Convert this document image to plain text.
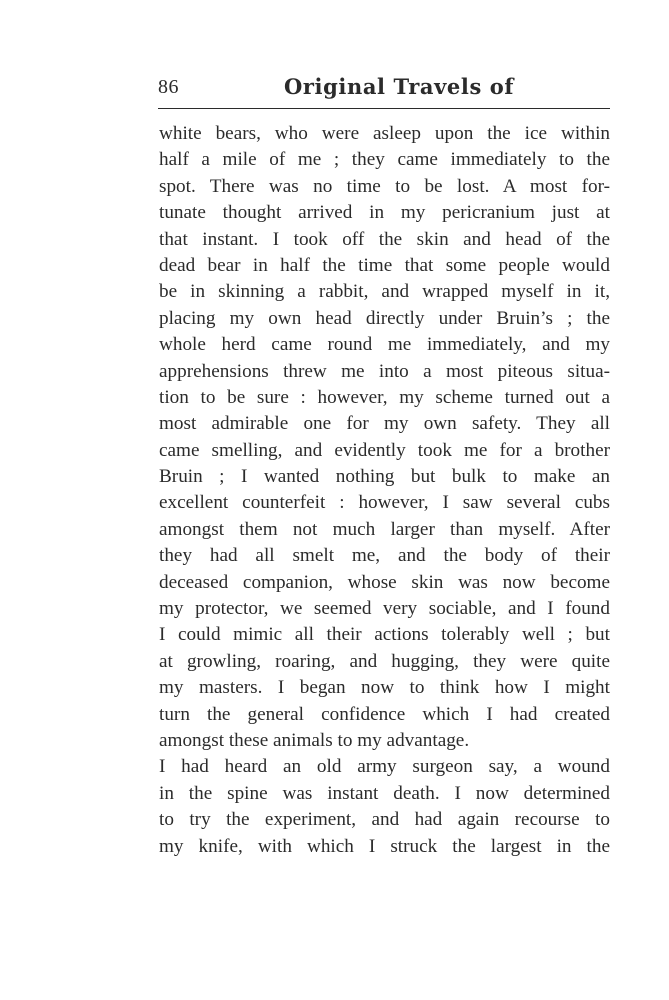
86	Original Travels of
white bears, who were asleep upon the ice within
half a mile of me ; they came immediately to the
spot. There was no time to be lost. A most for-
tunate thought arrived in my pericranium just at
that instant. I took off the skin and head of the
dead bear in half the time that some people would
be in skinning a rabbit, and wrapped myself in it,
placing my own head directly under Bruin’s ; the
whole herd came round me immediately, and my
apprehensions threw me into a most piteous situa-
tion to be sure : however, my scheme turned out a
most admirable one for my own safety. They all
came smelling, and evidently took me for a brother
Bruin ; I wanted nothing but bulk to make an
excellent counterfeit : however, I saw several cubs
amongst them not much larger than myself. After
they had all smelt me, and the body of their
deceased companion, whose skin was now become
my protector, we seemed very sociable, and I found
I could mimic all their actions tolerably well ; but
at growling, roaring, and hugging, they were quite
my masters. I began now to think how I might
turn the general confidence which I had created
amongst these animals to my advantage.
I had heard an old army surgeon say, a wound
in the spine was instant death. I now determined
to try the experiment, and had again recourse to
my knife, with which I struck the largest in the
